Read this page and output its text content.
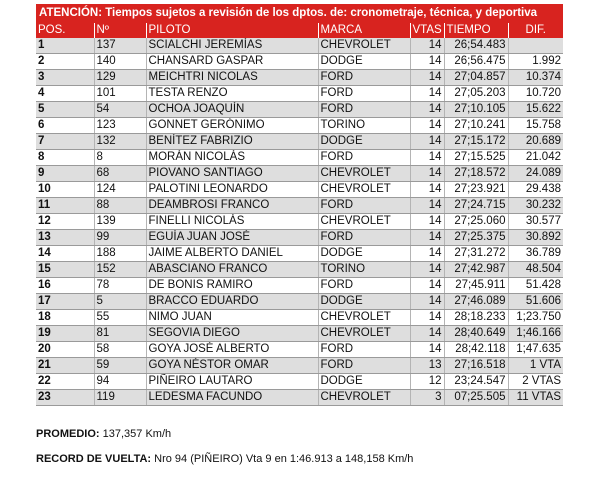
ATENCIÓN: Tiempos sujetos a revisión de los dptos. de: cronometraje, técnica, y deportiva
POS.	Nº	PILOTO	MARCA	VTAS	TIEMPO	DIF.
1	137	SCIALCHI JEREMÍAS	CHEVROLET	14	26;54.483	
2	140	CHANSARD GASPAR	DODGE	14	26;56.475	1.992
3	129	MEICHTRI NICOLAS	FORD	14	27;04.857	10.374
4	101	TESTA RENZO	FORD	14	27;05.203	10.720
5	54	OCHOA JOAQUÍN	FORD	14	27;10.105	15.622
6	123	GONNET GERÓNIMO	TORINO	14	27;10.241	15.758
7	132	BENÍTEZ FABRIZIO	DODGE	14	27;15.172	20.689
8	8	MORÁN NICOLÁS	FORD	14	27;15.525	21.042
9	68	PIOVANO SANTIAGO	CHEVROLET	14	27;18.572	24.089
10	124	PALOTINI LEONARDO	CHEVROLET	14	27;23.921	29.438
11	88	DEAMBROSI FRANCO	FORD	14	27;24.715	30.232
12	139	FINELLI NICOLÁS	CHEVROLET	14	27;25.060	30.577
13	99	EGUÍA JUAN JOSÉ	FORD	14	27;25.375	30.892
14	188	JAIME ALBERTO DANIEL	DODGE	14	27;31.272	36.789
15	152	ABASCIANO FRANCO	TORINO	14	27;42.987	48.504
16	78	DE BONIS RAMIRO	FORD	14	27;45.911	51.428
17	5	BRACCO EDUARDO	DODGE	14	27;46.089	51.606
18	55	NIMO JUAN	CHEVROLET	14	28;18.233	1;23.750
19	81	SEGOVIA DIEGO	CHEVROLET	14	28;40.649	1;46.166
20	58	GOYA JOSÉ ALBERTO	FORD	14	28;42.118	1;47.635
21	59	GOYA NÉSTOR OMAR	FORD	13	27;16.518	1 VTA
22	94	PIÑEIRO LAUTARO	DODGE	12	23;24.547	2 VTAS
23	119	LEDESMA FACUNDO	CHEVROLET	3	07;25.505	11 VTAS
PROMEDIO: 137,357 Km/h
RECORD DE VUELTA: Nro 94 (PIÑEIRO) Vta 9 en 1:46.913 a 148,158 Km/h
